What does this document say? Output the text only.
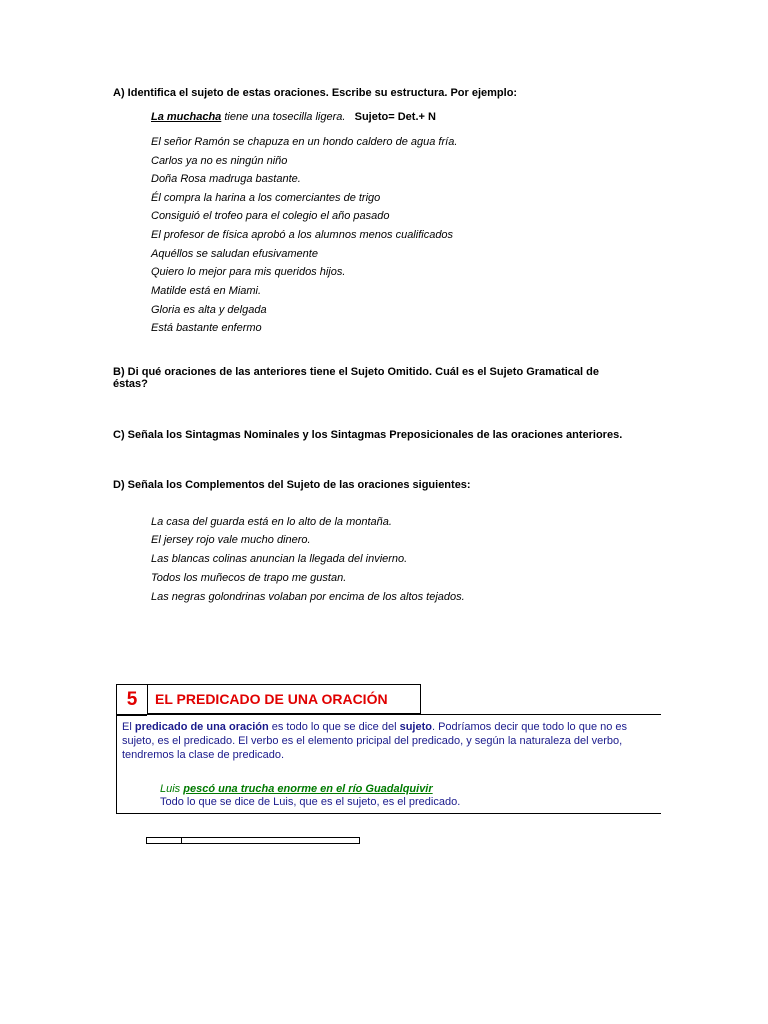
A) Identifica el sujeto de estas oraciones. Escribe su estructura. Por ejemplo:
La muchacha tiene una tosecilla ligera. Sujeto= Det.+ N
El señor Ramón se chapuza en un hondo caldero de agua fría.
Carlos ya no es ningún niño
Doña Rosa madruga bastante.
Él compra la harina a los comerciantes de trigo
Consiguió el trofeo para el colegio el año pasado
El profesor de física aprobó a los alumnos menos cualificados
Aquéllos se saludan efusivamente
Quiero lo mejor para mis queridos hijos.
Matilde está en Miami.
Gloria es alta y delgada
Está bastante enfermo
B) Di qué oraciones de las anteriores tiene el Sujeto Omitido. Cuál es el Sujeto Gramatical de éstas?
C) Señala los Sintagmas Nominales y los Sintagmas Preposicionales de las oraciones anteriores.
D) Señala los Complementos del Sujeto de las oraciones siguientes:
La casa del guarda está en lo alto de la montaña.
El jersey rojo vale mucho dinero.
Las blancas colinas anuncian la llegada del invierno.
Todos los muñecos de trapo me gustan.
Las negras golondrinas volaban por encima de los altos tejados.
5	EL PREDICADO DE UNA ORACIÓN
El predicado de una oración es todo lo que se dice del sujeto. Podríamos decir que todo lo que no es sujeto, es el predicado. El verbo es el elemento pricipal del predicado, y según la naturaleza del verbo, tendremos la clase de predicado.
Luis pescó una trucha enorme en el río Guadalquivir
Todo lo que se dice de Luis, que es el sujeto, es el predicado.
